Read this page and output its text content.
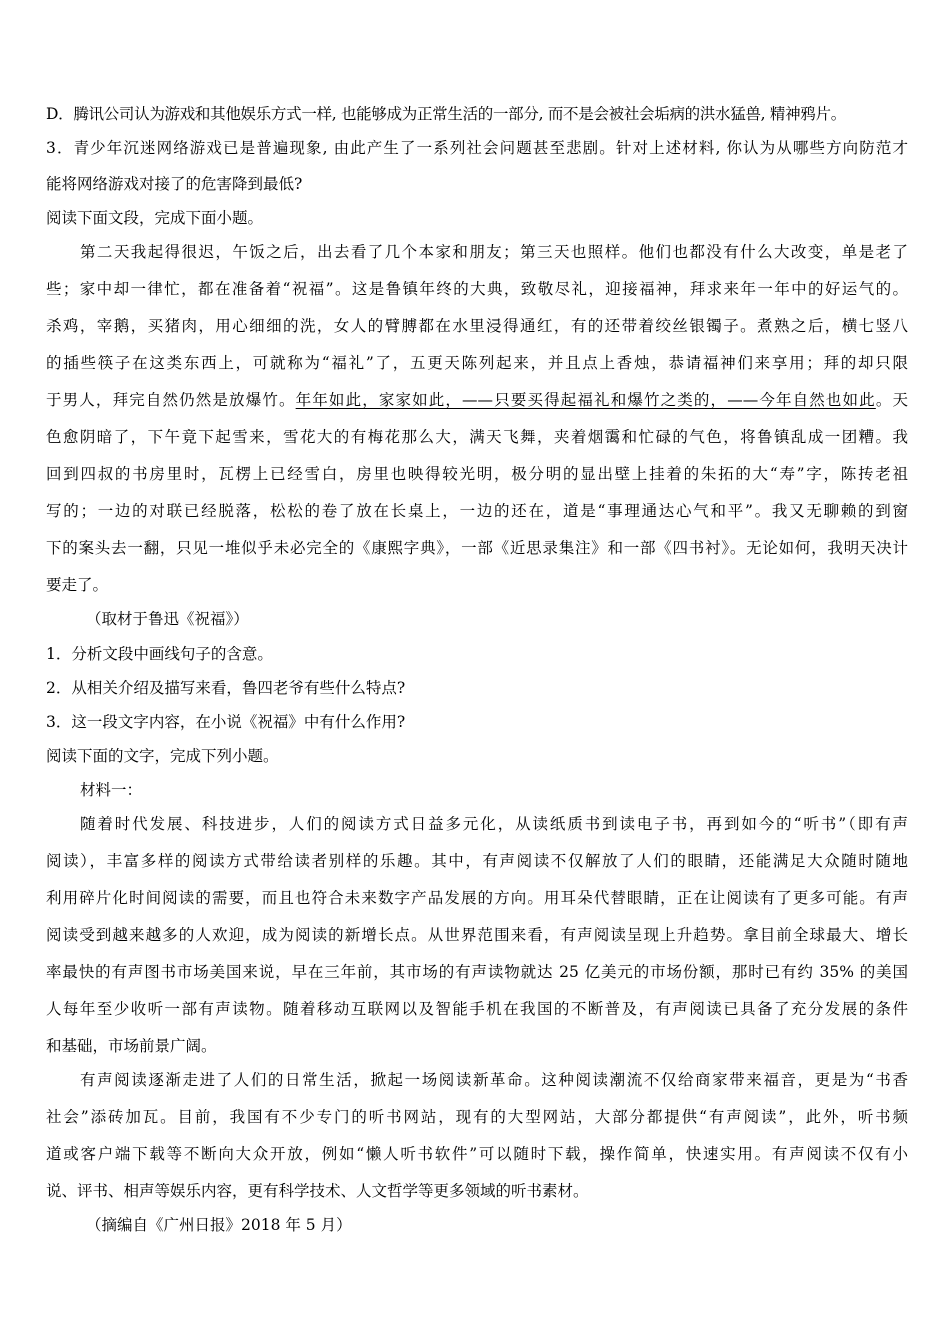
D．腾讯公司认为游戏和其他娱乐方式一样, 也能够成为正常生活的一部分, 而不是会被社会垢病的洪水猛兽, 精神鸦片。
3．青少年沉迷网络游戏已是普遍现象, 由此产生了一系列社会问题甚至悲剧。针对上述材料, 你认为从哪些方向防范才
能将网络游戏对接了的危害降到最低?
阅读下面文段，完成下面小题。
第二天我起得很迟，午饭之后，出去看了几个本家和朋友；第三天也照样。他们也都没有什么大改变，单是老了
些；家中却一律忙，都在准备着“祝福”。这是鲁镇年终的大典，致敬尽礼，迎接福神，拜求来年一年中的好运气的。
杀鸡，宰鹅，买猪肉，用心细细的洗，女人的臂膊都在水里浸得通红，有的还带着绞丝银镯子。煮熟之后，横七竖八
的插些筷子在这类东西上，可就称为“福礼”了，五更天陈列起来，并且点上香烛，恭请福神们来享用；拜的却只限
于男人，拜完自然仍然是放爆竹。年年如此，家家如此，——只要买得起福礼和爆竹之类的，——今年自然也如此。天
色愈阴暗了，下午竟下起雪来，雪花大的有梅花那么大，满天飞舞，夹着烟霭和忙碌的气色，将鲁镇乱成一团糟。我
回到四叔的书房里时，瓦楞上已经雪白，房里也映得较光明，极分明的显出壁上挂着的朱拓的大“寿”字，陈抟老祖
写的；一边的对联已经脱落，松松的卷了放在长桌上，一边的还在，道是“事理通达心气和平”。我又无聊赖的到窗
下的案头去一翻，只见一堆似乎未必完全的《康熙字典》，一部《近思录集注》和一部《四书衬》。无论如何，我明天决计
要走了。
（取材于鲁迅《祝福》）
1．分析文段中画线句子的含意。
2．从相关介绍及描写来看，鲁四老爷有些什么特点?
3．这一段文字内容，在小说《祝福》中有什么作用?
阅读下面的文字，完成下列小题。
材料一：
随着时代发展、科技进步，人们的阅读方式日益多元化，从读纸质书到读电子书，再到如今的“听书”（即有声
阅读），丰富多样的阅读方式带给读者别样的乐趣。其中，有声阅读不仅解放了人们的眼睛，还能满足大众随时随地
利用碎片化时间阅读的需要，而且也符合未来数字产品发展的方向。用耳朵代替眼睛，正在让阅读有了更多可能。有声
阅读受到越来越多的人欢迎，成为阅读的新增长点。从世界范围来看，有声阅读呈现上升趋势。拿目前全球最大、增长
率最快的有声图书市场美国来说，早在三年前，其市场的有声读物就达 25 亿美元的市场份额，那时已有约 35% 的美国
人每年至少收听一部有声读物。随着移动互联网以及智能手机在我国的不断普及，有声阅读已具备了充分发展的条件
和基础，市场前景广阔。
有声阅读逐渐走进了人们的日常生活，掀起一场阅读新革命。这种阅读潮流不仅给商家带来福音，更是为“书香
社会”添砖加瓦。目前，我国有不少专门的听书网站，现有的大型网站，大部分都提供“有声阅读”，此外，听书频
道或客户端下载等不断向大众开放，例如“懒人听书软件”可以随时下载，操作简单，快速实用。有声阅读不仅有小
说、评书、相声等娱乐内容，更有科学技术、人文哲学等更多领域的听书素材。
（摘编自《广州日报》2018 年 5 月）
